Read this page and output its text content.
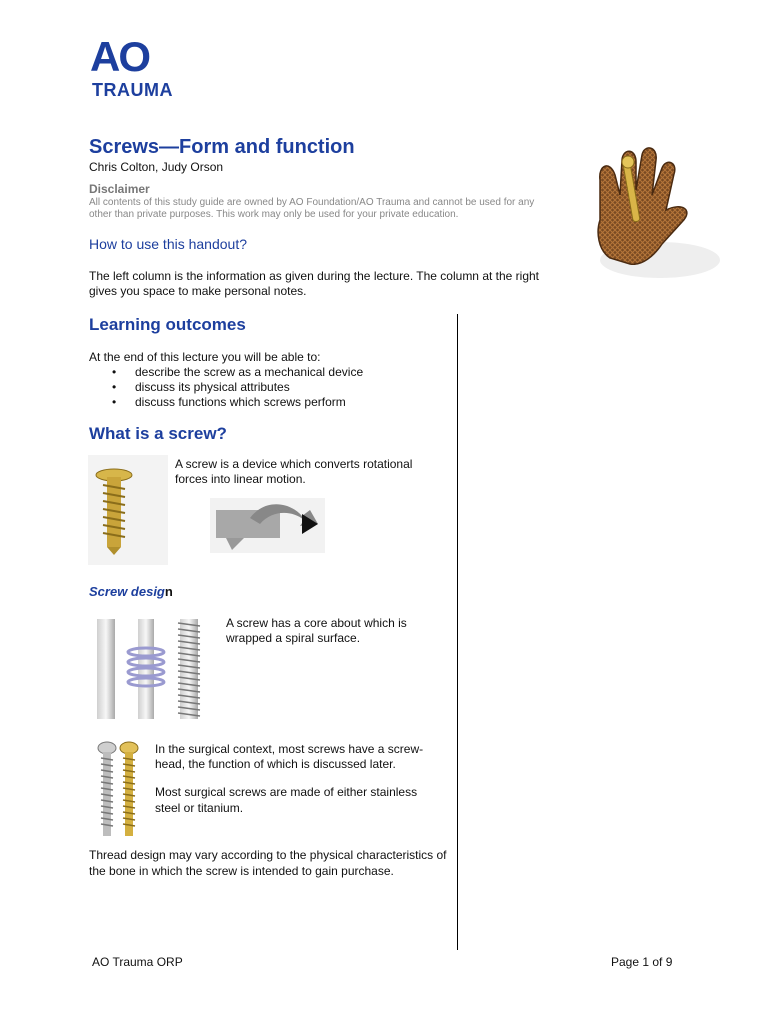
AO
TRAUMA
Screws—Form and function
Chris Colton, Judy Orson
Disclaimer
All contents of this study guide are owned by AO Foundation/AO Trauma and cannot be used for any other than private purposes. This work may only be used for your private education.
How to use this handout?
The left column is the information as given during the lecture. The column at the right gives you space to make personal notes.
Learning outcomes
At the end of this lecture you will be able to:
• describe the screw as a mechanical device
• discuss its physical attributes
• discuss functions which screws perform
What is a screw?
A screw is a device which converts rotational forces into linear motion.
Screw design
A screw has a core about which is wrapped a spiral surface.
In the surgical context, most screws have a screw-head, the function of which is discussed later.
Most surgical screws are made of either stainless steel or titanium.
Thread design may vary according to the physical characteristics of the bone in which the screw is intended to gain purchase.
AO Trauma ORP	Page 1 of 9
